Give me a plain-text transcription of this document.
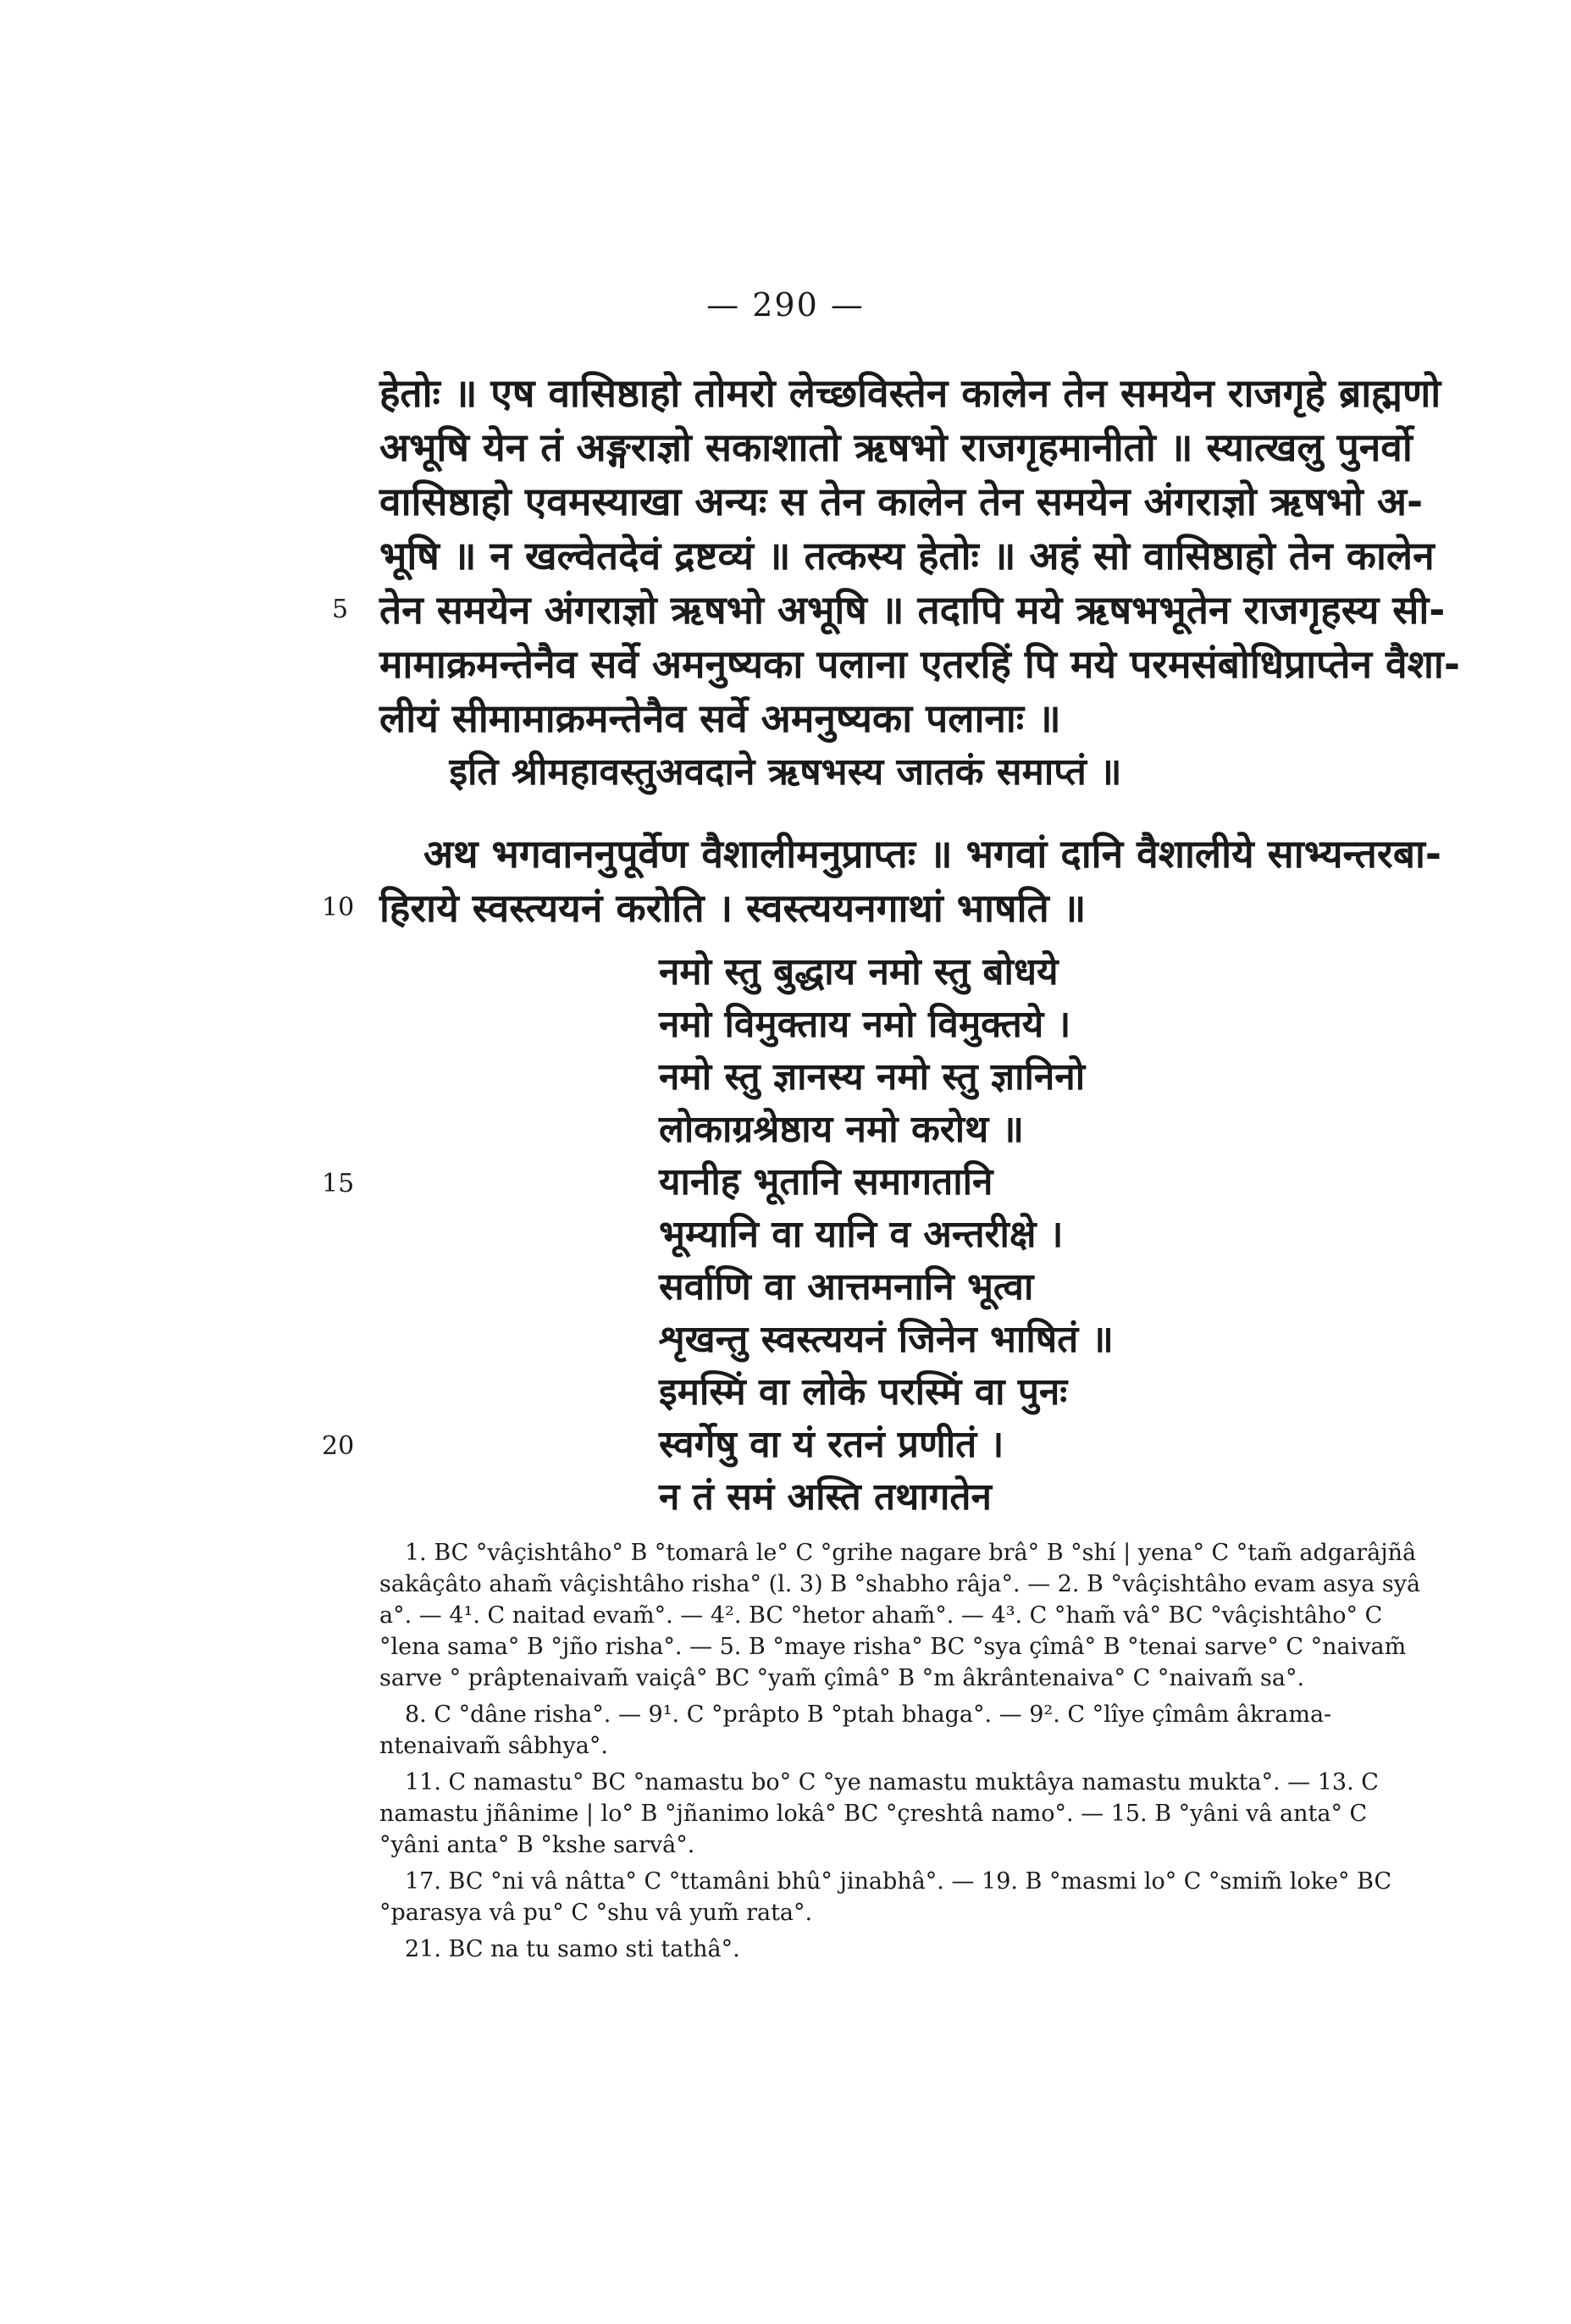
— 290 —
हेतोः ॥ एष वासिष्ठाहो तोमरो लेच्छविस्तेन कालेन तेन समयेन राजगृहे ब्राह्मणो
अभूषि येन तं अङ्गराज्ञो सकाशातो ऋषभो राजगृहमानीतो ॥ स्यात्खलु पुनर्वो
वासिष्ठाहो एवमस्याखा अन्यः स तेन कालेन तेन समयेन अंगराज्ञो ऋषभो अ-
भूषि ॥ न खल्वेतदेवं द्रष्टव्यं ॥ तत्कस्य हेतोः ॥ अहं सो वासिष्ठाहो तेन कालेन
तेन समयेन अंगराज्ञो ऋषभो अभूषि ॥ तदापि मये ऋषभभूतेन राजगृहस्य सी-
मामाक्रमन्तेनैव सर्वे अमनुष्यका पलाना एतरहिं पि मये परमसंबोधिप्राप्तेन वैशा-
लीयं सीमामाक्रमन्तेनैव सर्वे अमनुष्यका पलानाः ॥
इति श्रीमहावस्तुअवदाने ऋषभस्य जातकं समाप्तं ॥
अथ भगवाननुपूर्वेण वैशालीमनुप्राप्तः ॥ भगवां दानि वैशालीये साभ्यन्तरबा-
हिराये स्वस्त्ययनं करोति । स्वस्त्ययनगाथां भाषति ॥
नमो स्तु बुद्धाय नमो स्तु बोधये
नमो विमुक्ताय नमो विमुक्तये ।
नमो स्तु ज्ञानस्य नमो स्तु ज्ञानिनो
लोकाग्रश्रेष्ठाय नमो करोथ ॥
यानीह भूतानि समागतानि
भूम्यानि वा यानि व अन्तरीक्षे ।
सर्वाणि वा आत्तमनानि भूत्वा
शृखन्तु स्वस्त्ययनं जिनेन भाषितं ॥
इमस्मिं वा लोके परस्मिं वा पुनः
स्वर्गेषु वा यं रतनं प्रणीतं ।
न तं समं अस्ति तथागतेन
5
10
15
20
1. BC °vâçishtâho° B °tomarâ le° C °grihe nagare brâ° B °shí | yena° C °tam̃ adgarâjñâ
sakâçâto aham̃ vâçishtâho risha° (l. 3) B °shabho râja°. — 2. B °vâçishtâho evam asya syâ
a°. — 4¹. C naitad evam̃°. — 4². BC °hetor aham̃°. — 4³. C °ham̃ vâ° BC °vâçishtâho° C
°lena sama° B °jño risha°. — 5. B °maye risha° BC °sya çîmâ° B °tenai sarve° C °naivam̃
sarve ° prâptenaivam̃ vaiçâ° BC °yam̃ çîmâ° B °m âkrântenaiva° C °naivam̃ sa°.
8. C °dâne risha°. — 9¹. C °prâpto B °ptah bhaga°. — 9². C °lîye çîmâm âkrama-
ntenaivam̃ sâbhya°.
11. C namastu° BC °namastu bo° C °ye namastu muktâya namastu mukta°. — 13. C
namastu jñânime | lo° B °jñanimo lokâ° BC °çreshtâ namo°. — 15. B °yâni vâ anta° C
°yâni anta° B °kshe sarvâ°.
17. BC °ni vâ nâtta° C °ttamâni bhû° jinabhâ°. — 19. B °masmi lo° C °smim̃ loke° BC
°parasya vâ pu° C °shu vâ yum̃ rata°.
21. BC na tu samo sti tathâ°.
